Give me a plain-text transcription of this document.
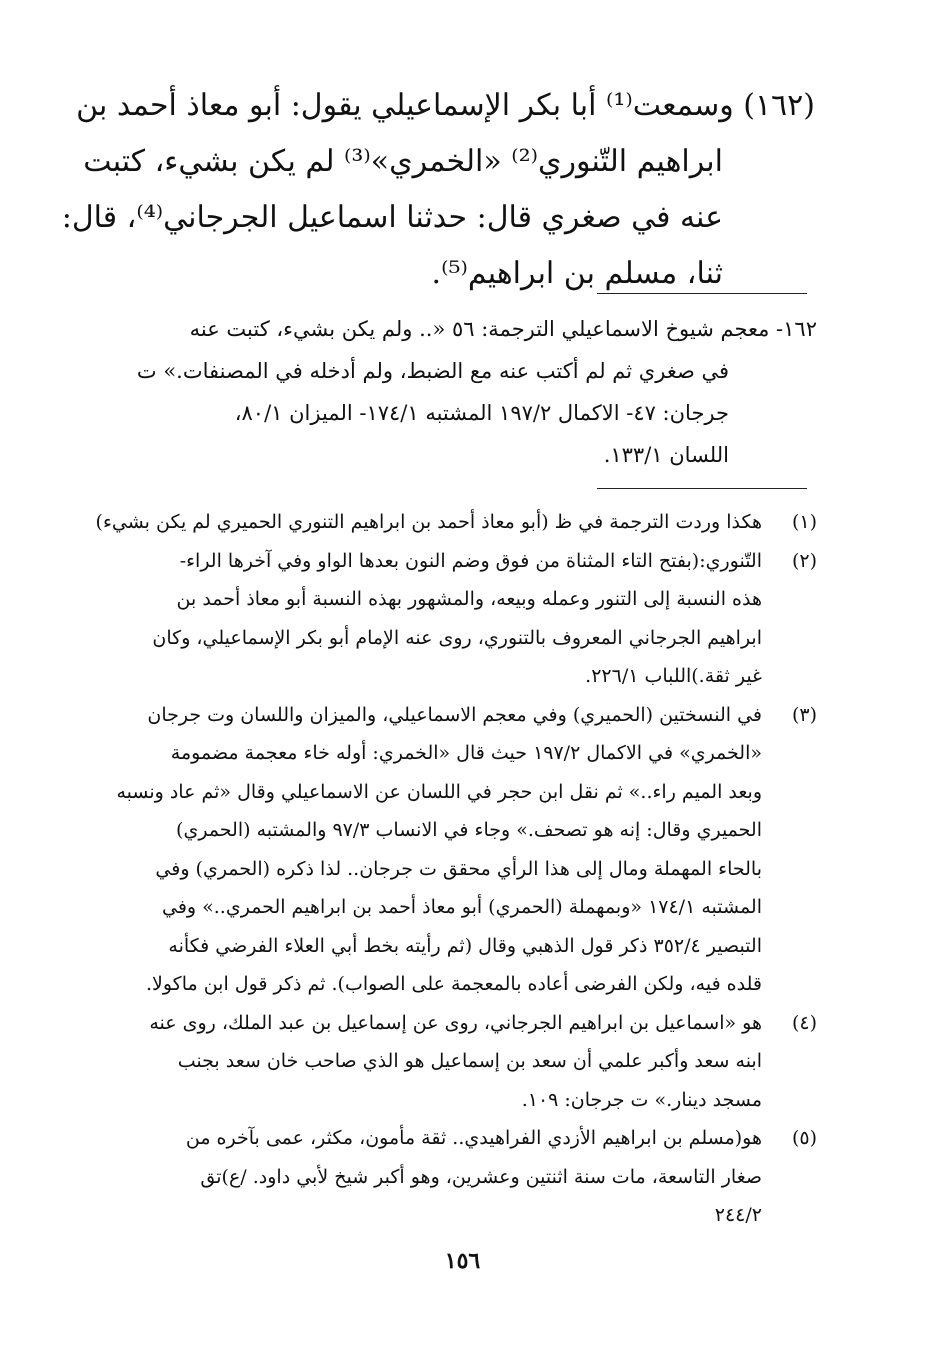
(١٦٢) وسمعت⁽¹⁾ أبا بكر الإسماعيلي يقول: أبو معاذ أحمد بن
ابراهيم التّنوري⁽²⁾ «الخمري»⁽³⁾ لم يكن بشيء، كتبت
عنه في صغري قال: حدثنا اسماعيل الجرجاني⁽⁴⁾، قال:
ثنا، مسلم بن ابراهيم⁽⁵⁾.
١٦٢- معجم شيوخ الاسماعيلي الترجمة: ٥٦ «.. ولم يكن بشيء، كتبت عنه
في صغري ثم لم أكتب عنه مع الضبط، ولم أدخله في المصنفات.» ت
جرجان: ٤٧- الاكمال ١٩٧/٢ المشتبه ١٧٤/١- الميزان ٨٠/١،
اللسان ١٣٣/١.
(١)هكذا وردت الترجمة في ظ (أبو معاذ أحمد بن ابراهيم التنوري الحميري لم يكن بشيء)
(٢)التّنوري:(بفتح التاء المثناة من فوق وضم النون بعدها الواو وفي آخرها الراء-
هذه النسبة إلى التنور وعمله وبيعه، والمشهور بهذه النسبة أبو معاذ أحمد بن
ابراهيم الجرجاني المعروف بالتنوري، روى عنه الإمام أبو بكر الإسماعيلي، وكان
غير ثقة.)اللباب ٢٢٦/١.
(٣)في النسختين (الحميري) وفي معجم الاسماعيلي، والميزان واللسان وت جرجان
«الخمري» في الاكمال ١٩٧/٢ حيث قال «الخمري: أوله خاء معجمة مضمومة
وبعد الميم راء..» ثم نقل ابن حجر في اللسان عن الاسماعيلي وقال «ثم عاد ونسبه
الحميري وقال: إنه هو تصحف.» وجاء في الانساب ٩٧/٣ والمشتبه (الحمري)
بالحاء المهملة ومال إلى هذا الرأي محقق ت جرجان.. لذا ذكره (الحمري) وفي
المشتبه ١٧٤/١ «وبمهملة (الحمري) أبو معاذ أحمد بن ابراهيم الحمري..» وفي
التبصير ٣٥٢/٤ ذكر قول الذهبي وقال (ثم رأيته بخط أبي العلاء الفرضي فكأنه
قلده فيه، ولكن الفرضى أعاده بالمعجمة على الصواب). ثم ذكر قول ابن ماكولا.
(٤)هو «اسماعيل بن ابراهيم الجرجاني، روى عن إسماعيل بن عبد الملك، روى عنه
ابنه سعد وأكبر علمي أن سعد بن إسماعيل هو الذي صاحب خان سعد بجنب
مسجد دينار.» ت جرجان: ١٠٩.
(٥)هو(مسلم بن ابراهيم الأزدي الفراهيدي.. ثقة مأمون، مكثر، عمى بآخره من
صغار التاسعة، مات سنة اثنتين وعشرين، وهو أكبر شيخ لأبي داود. /ع)تق
٢٤٤/٢
١٥٦
